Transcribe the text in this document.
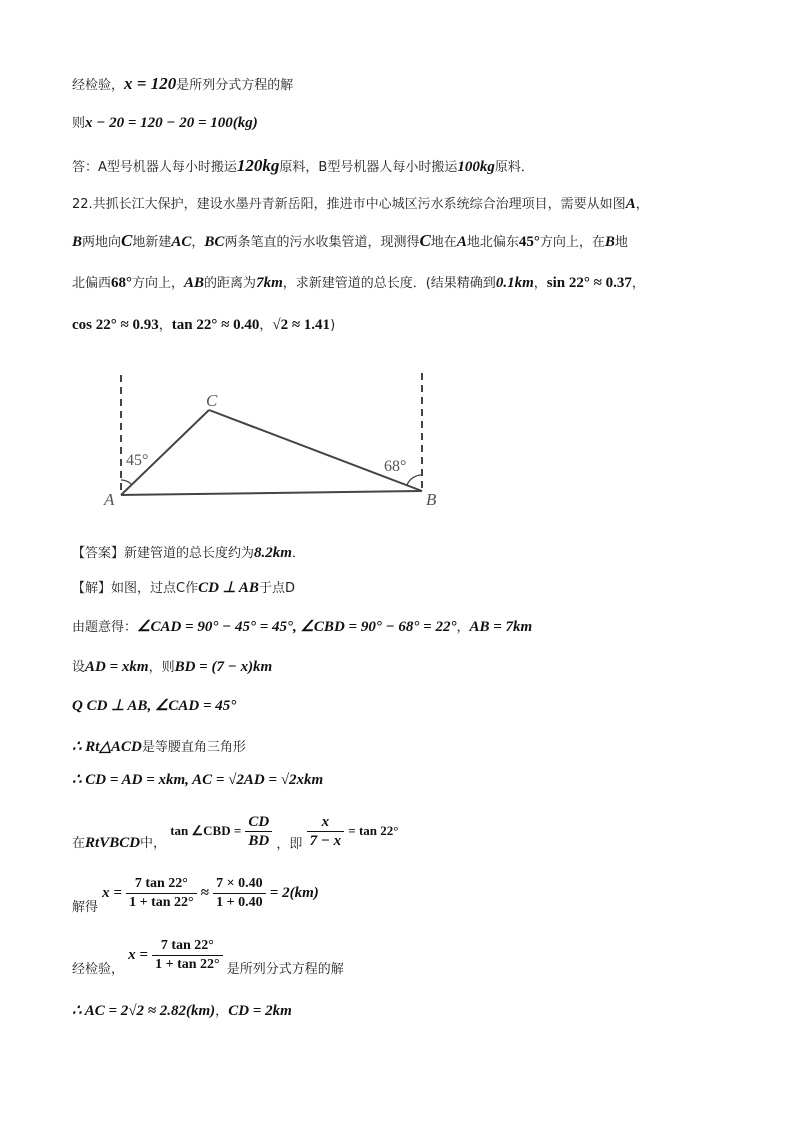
经检验，x = 120是所列分式方程的解
则x − 20 = 120 − 20 = 100(kg)
答：A型号机器人每小时搬运120kg原料，B型号机器人每小时搬运100kg原料．
22.共抓长江大保护，建设水墨丹青新岳阳，推进市中心城区污水系统综合治理项目，需要从如图A，
B两地向C地新建AC，BC两条笔直的污水收集管道，现测得C地在A地北偏东45°方向上，在B地
北偏西68°方向上，AB的距离为7km，求新建管道的总长度．(结果精确到0.1km，sin 22° ≈ 0.37，
cos 22° ≈ 0.93，tan 22° ≈ 0.40，√2 ≈ 1.41)
45°	68°
A	B
C
【答案】新建管道的总长度约为8.2km．
【解】如图，过点C作CD ⊥ AB于点D
由题意得：∠CAD = 90° − 45° = 45°, ∠CBD = 90° − 68° = 22°，AB = 7km
设AD = xkm，则BD = (7 − x)km
Q CD ⊥ AB, ∠CAD = 45°
∴ Rt△ACD是等腰直角三角形
∴ CD = AD = xkm, AC = √2AD = √2xkm
在RtVBCD中， tan ∠CBD = $\frac{CD}{BD}$ ，即 $\frac{x}{7 - x} = \tan 22^\circ$
解得 $x = \frac{7 \tan 22^\circ}{1 + \tan 22^\circ} \approx \frac{7 \times 0.40}{1 + 0.40} = 2(km)$
经检验， $x = \frac{7 \tan 22^\circ}{1 + \tan 22^\circ}$ 是所列分式方程的解
∴ AC = 2√2 ≈ 2.82(km)，CD = 2km
